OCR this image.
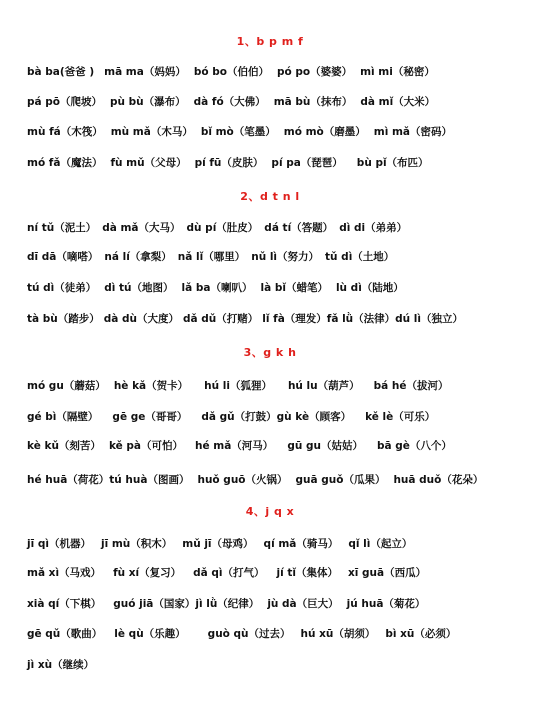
1、b p m f
bà ba(爸爸 ) mā ma（妈妈） bó bo（伯伯） pó po（婆婆） mì mi（秘密）
pá pō（爬坡） pù bù（瀑布） dà fó（大佛） mā bù（抹布） dà mǐ（大米）
mù fá（木筏） mù mǎ（木马） bǐ mò（笔墨） mó mò（磨墨） mì mǎ（密码）
mó fǎ（魔法） fù mǔ（父母） pí fū（皮肤） pí pa（琵琶） bù pǐ（布匹）
2、d t n l
ní tǔ（泥土） dà mǎ（大马） dù pí（肚皮） dá tí（答题） dì di（弟弟）
dī dā（嘀嗒） ná lí（拿梨） nǎ lǐ（哪里） nǔ lì（努力） tǔ dì（土地）
tú dì（徒弟） dì tú（地图） lǎ ba（喇叭） là bǐ（蜡笔） lù dì（陆地）
tà bù（踏步） dà dù（大度） dǎ dǔ（打赌） lǐ fà（理发）fǎ lǜ（法律）dú lì（独立）
3、g k h
mó gu（蘑菇） hè kǎ（贺卡） hú li（狐狸） hú lu（葫芦） bá hé（拔河）
gé bì（隔壁） gē ge（哥哥） dǎ gǔ（打鼓）gù kè（顾客） kě lè（可乐）
kè kǔ（刻苦） kě pà（可怕） hé mǎ（河马） gū gu（姑姑） bā gè（八个）
hé huā（荷花）tú huà（图画） huǒ guō（火锅） guā guǒ（瓜果） huā duǒ（花朵）
4、j q x
jī qì（机器） jī mù（积木） mǔ jī（母鸡） qí mǎ（骑马） qǐ lì（起立）
mǎ xì（马戏） fù xí（复习） dǎ qì（打气） jí tǐ（集体） xī guā（西瓜）
xià qí（下棋） guó jiā（国家）jì lǜ（纪律） jù dà（巨大） jú huā（菊花）
gē qǔ（歌曲） lè qù（乐趣） guò qù（过去） hú xū（胡须） bì xū（必须）
jì xù（继续）
